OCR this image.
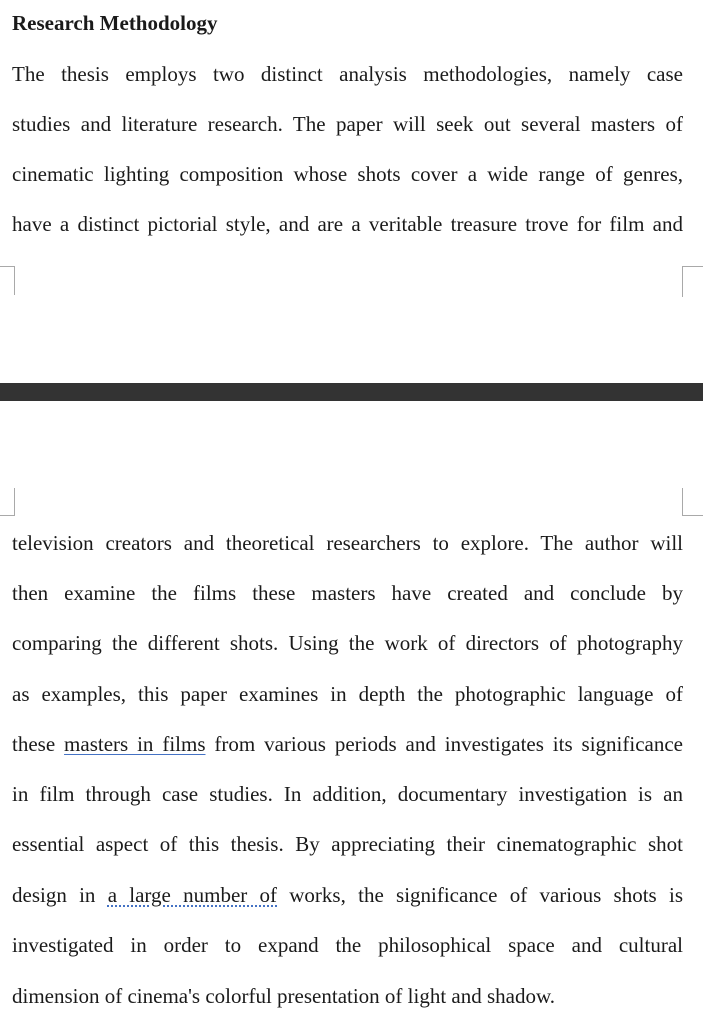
Research Methodology
The thesis employs two distinct analysis methodologies, namely case
studies and literature research. The paper will seek out several masters of
cinematic lighting composition whose shots cover a wide range of genres,
have a distinct pictorial style, and are a veritable treasure trove for film and
television creators and theoretical researchers to explore. The author will
then examine the films these masters have created and conclude by
comparing the different shots. Using the work of directors of photography
as examples, this paper examines in depth the photographic language of
these masters in films from various periods and investigates its significance
in film through case studies. In addition, documentary investigation is an
essential aspect of this thesis. By appreciating their cinematographic shot
design in a large number of works, the significance of various shots is
investigated in order to expand the philosophical space and cultural
dimension of cinema's colorful presentation of light and shadow.
